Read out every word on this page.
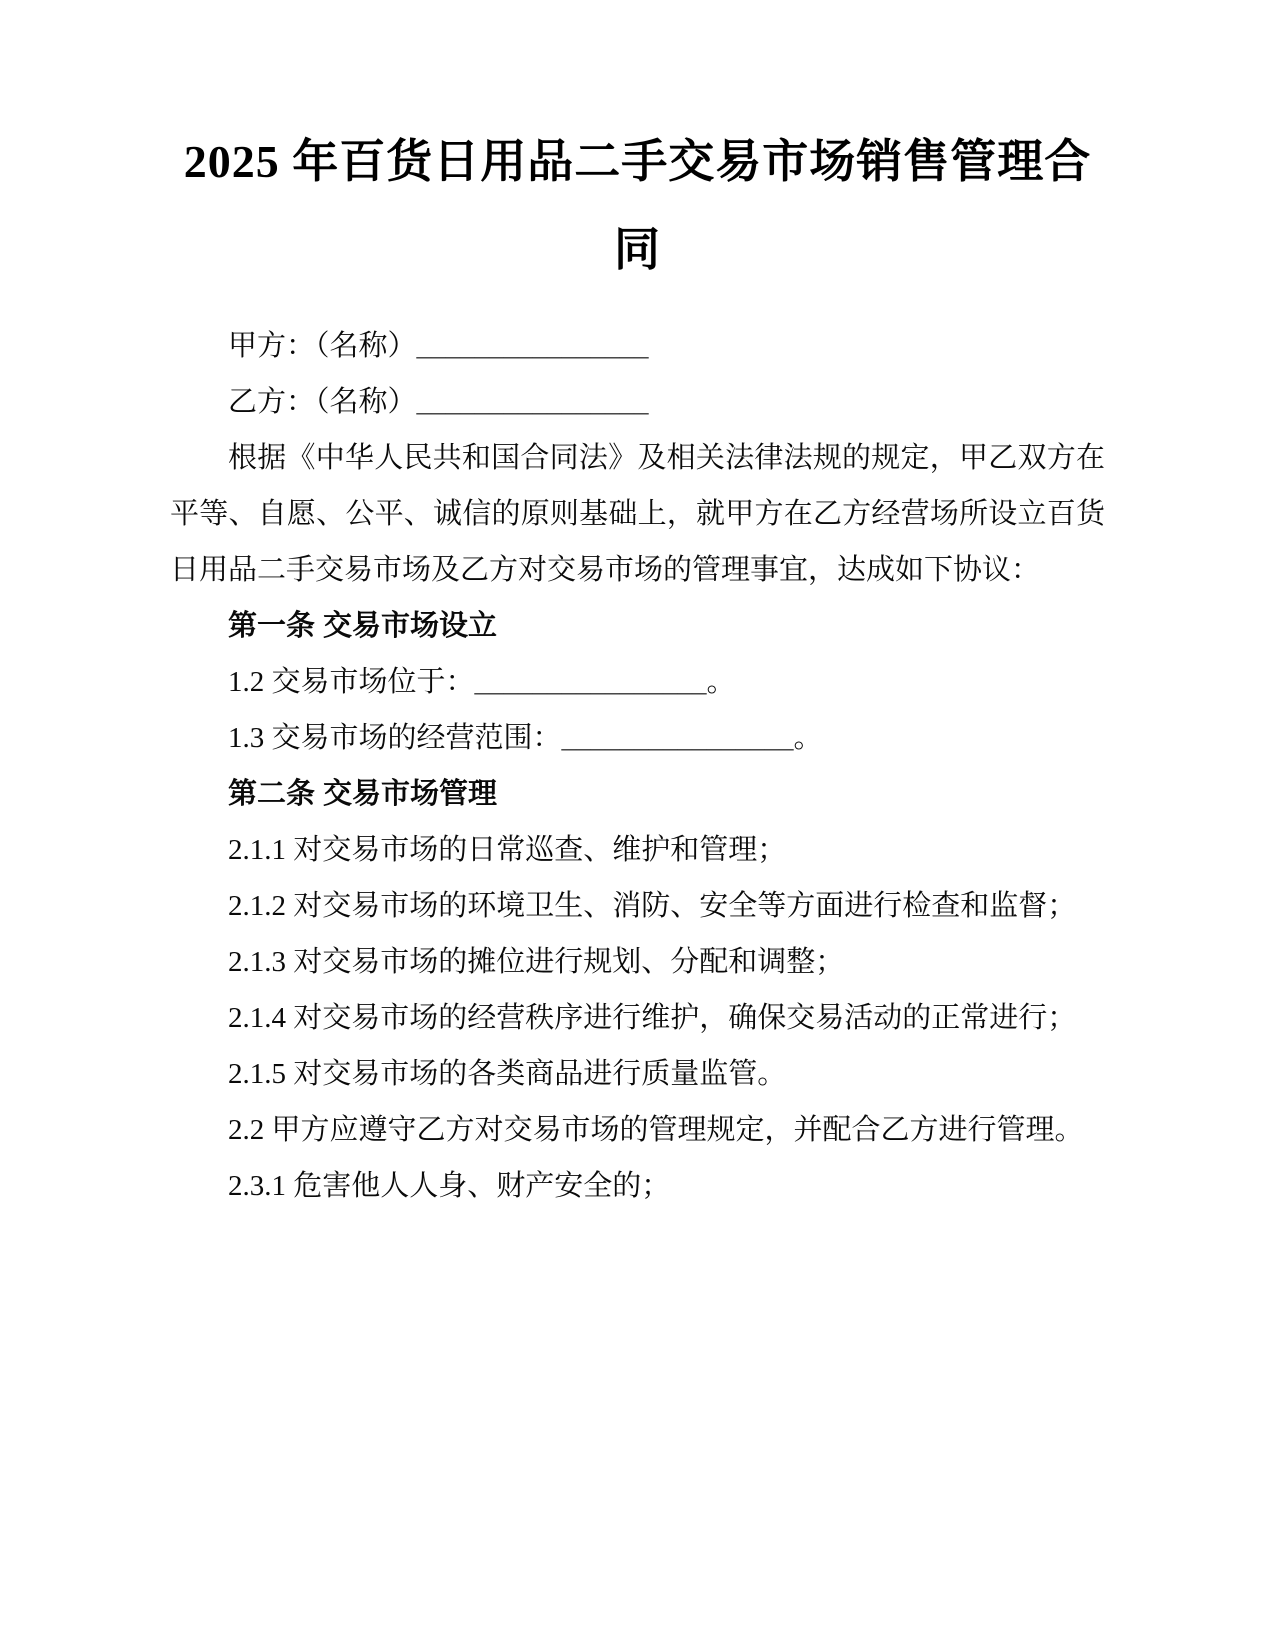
2025 年百货日用品二手交易市场销售管理合
同

甲方：（名称）________________

乙方：（名称）________________

根据《中华人民共和国合同法》及相关法律法规的规定，甲乙双方在平等、自愿、公平、诚信的原则基础上，就甲方在乙方经营场所设立百货日用品二手交易市场及乙方对交易市场的管理事宜，达成如下协议：

第一条 交易市场设立

1.2 交易市场位于：________________。

1.3 交易市场的经营范围：________________。

第二条 交易市场管理

2.1.1 对交易市场的日常巡查、维护和管理；

2.1.2 对交易市场的环境卫生、消防、安全等方面进行检查和监督；

2.1.3 对交易市场的摊位进行规划、分配和调整；

2.1.4 对交易市场的经营秩序进行维护，确保交易活动的正常进行；

2.1.5 对交易市场的各类商品进行质量监管。

2.2 甲方应遵守乙方对交易市场的管理规定，并配合乙方进行管理。

2.3.1 危害他人人身、财产安全的；
